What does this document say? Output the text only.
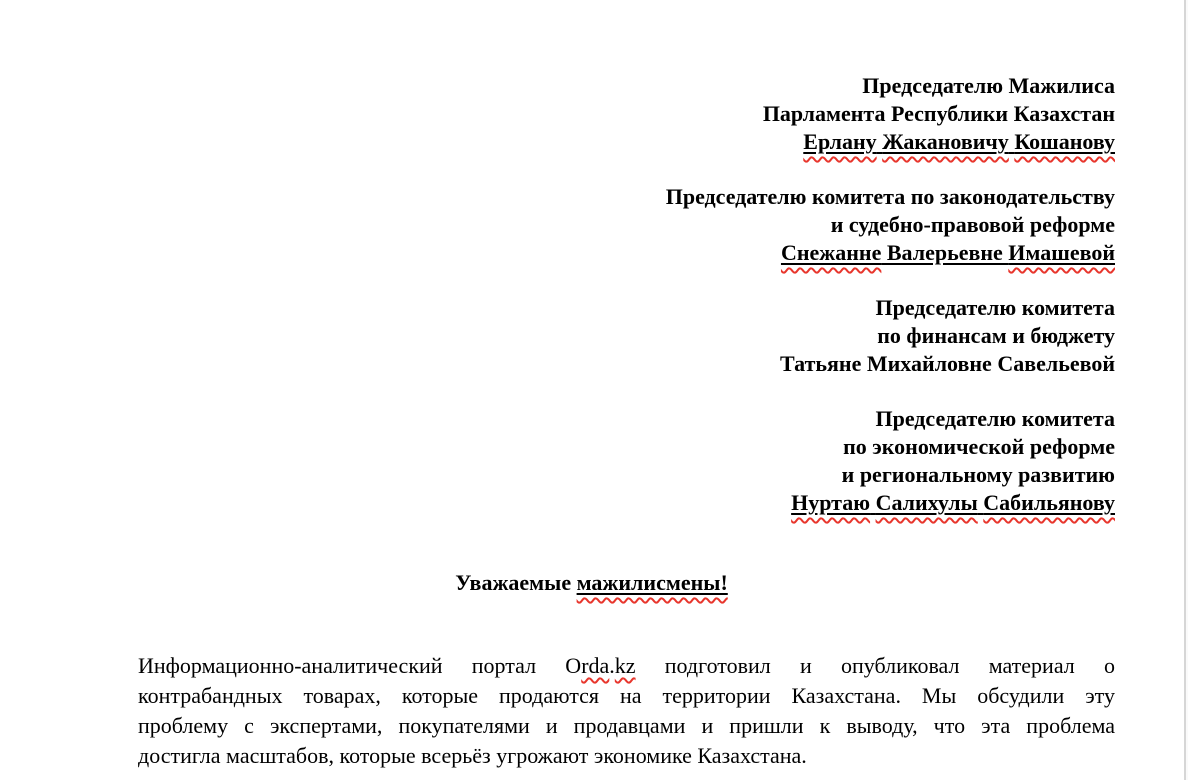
Председателю Мажилиса
Парламента Республики Казахстан
Ерлану Жакановичу Кошанову
Председателю комитета по законодательству
и судебно-правовой реформе
Снежанне Валерьевне Имашевой
Председателю комитета
по финансам и бюджету
Татьяне Михайловне Савельевой
Председателю комитета
по экономической реформе
и региональному развитию
Нуртаю Салихулы Сабильянову
Уважаемые мажилисмены!
Информационно-аналитический портал Orda.kz подготовил и опубликовал материал о
контрабандных товарах, которые продаются на территории Казахстана. Мы обсудили эту
проблему с экспертами, покупателями и продавцами и пришли к выводу, что эта проблема
достигла масштабов, которые всерьёз угрожают экономике Казахстана.
